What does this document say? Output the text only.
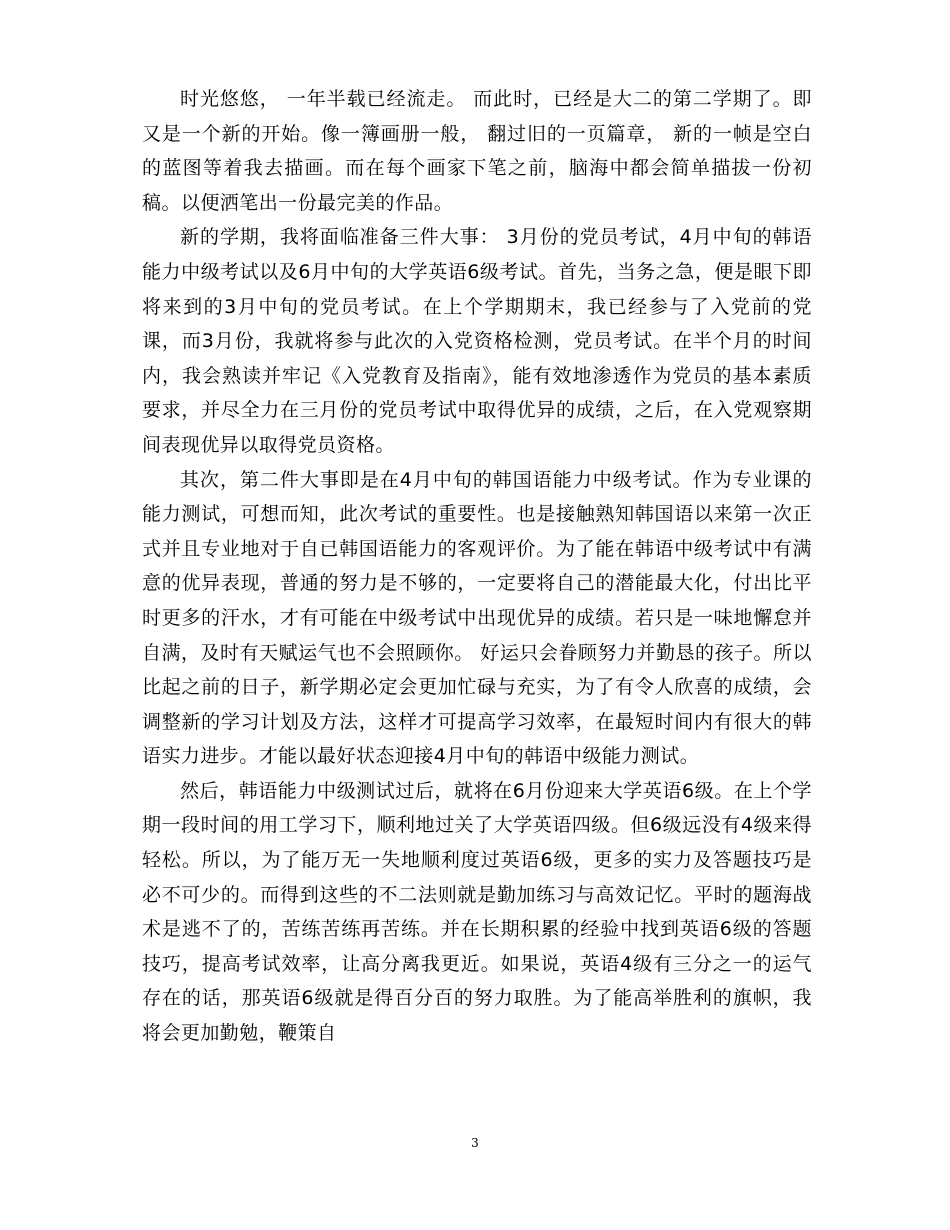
时光悠悠， 一年半载已经流走。 而此时，已经是大二的第二学期了。即又是一个新的开始。像一簿画册一般， 翻过旧的一页篇章， 新的一帧是空白的蓝图等着我去描画。而在每个画家下笔之前，脑海中都会简单描拔一份初稿。以便洒笔出一份最完美的作品。

新的学期，我将面临准备三件大事： 3月份的党员考试，4月中旬的韩语能力中级考试以及6月中旬的大学英语6级考试。首先，当务之急，便是眼下即将来到的3月中旬的党员考试。在上个学期期末，我已经参与了入党前的党课，而3月份，我就将参与此次的入党资格检测，党员考试。在半个月的时间内，我会熟读并牢记《入党教育及指南》，能有效地渗透作为党员的基本素质要求，并尽全力在三月份的党员考试中取得优异的成绩，之后，在入党观察期间表现优异以取得党员资格。

其次，第二件大事即是在4月中旬的韩国语能力中级考试。作为专业课的能力测试，可想而知，此次考试的重要性。也是接触熟知韩国语以来第一次正式并且专业地对于自已韩国语能力的客观评价。为了能在韩语中级考试中有满意的优异表现，普通的努力是不够的，一定要将自己的潜能最大化，付出比平时更多的汗水，才有可能在中级考试中出现优异的成绩。若只是一味地懈怠并自满，及时有天赋运气也不会照顾你。 好运只会眷顾努力并勤恳的孩子。所以比起之前的日子，新学期必定会更加忙碌与充实，为了有令人欣喜的成绩，会调整新的学习计划及方法，这样才可提高学习效率，在最短时间内有很大的韩语实力进步。才能以最好状态迎接4月中旬的韩语中级能力测试。

然后，韩语能力中级测试过后，就将在6月份迎来大学英语6级。在上个学期一段时间的用工学习下，顺利地过关了大学英语四级。但6级远没有4级来得轻松。所以，为了能万无一失地顺利度过英语6级，更多的实力及答题技巧是必不可少的。而得到这些的不二法则就是勤加练习与高效记忆。平时的题海战术是逃不了的，苦练苦练再苦练。并在长期积累的经验中找到英语6级的答题技巧，提高考试效率，让高分离我更近。如果说，英语4级有三分之一的运气存在的话，那英语6级就是得百分百的努力取胜。为了能高举胜利的旗帜，我将会更加勤勉，鞭策自

3
